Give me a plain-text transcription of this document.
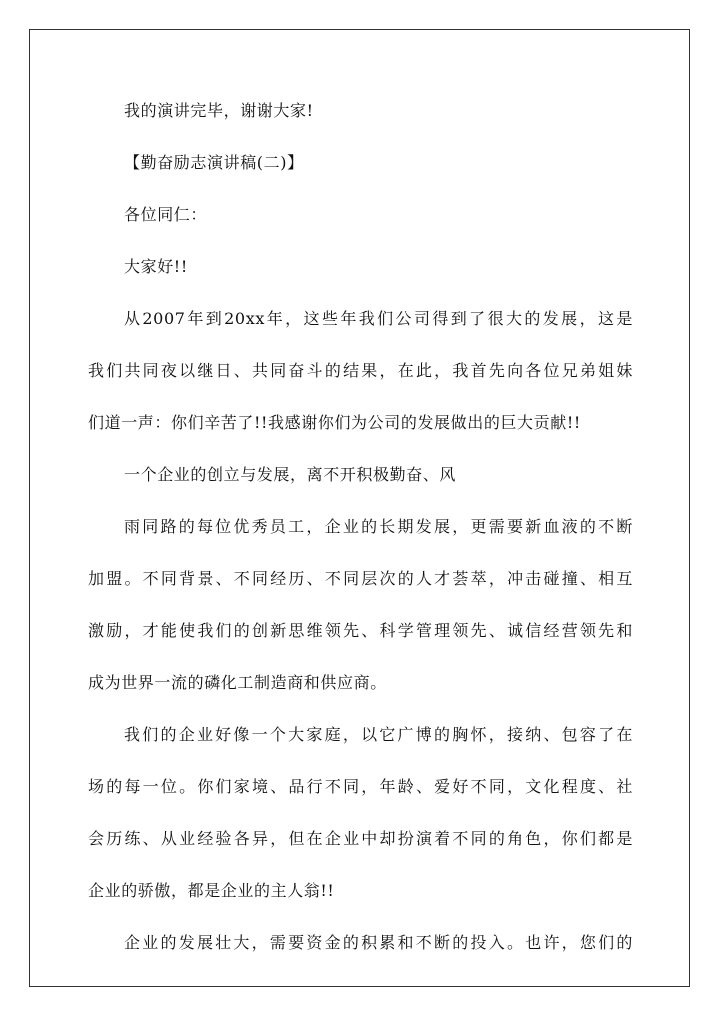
我的演讲完毕，谢谢大家!
【勤奋励志演讲稿(二)】
各位同仁：
大家好!!
从2007年到20xx年，这些年我们公司得到了很大的发展，这是
我们共同夜以继日、共同奋斗的结果，在此，我首先向各位兄弟姐妹
们道一声：你们辛苦了!!我感谢你们为公司的发展做出的巨大贡献!!
一个企业的创立与发展，离不开积极勤奋、风
雨同路的每位优秀员工，企业的长期发展，更需要新血液的不断
加盟。不同背景、不同经历、不同层次的人才荟萃，冲击碰撞、相互
激励，才能使我们的创新思维领先、科学管理领先、诚信经营领先和
成为世界一流的磷化工制造商和供应商。
我们的企业好像一个大家庭，以它广博的胸怀，接纳、包容了在
场的每一位。你们家境、品行不同，年龄、爱好不同，文化程度、社
会历练、从业经验各异，但在企业中却扮演着不同的角色，你们都是
企业的骄傲，都是企业的主人翁!!
企业的发展壮大，需要资金的积累和不断的投入。也许，您们的
